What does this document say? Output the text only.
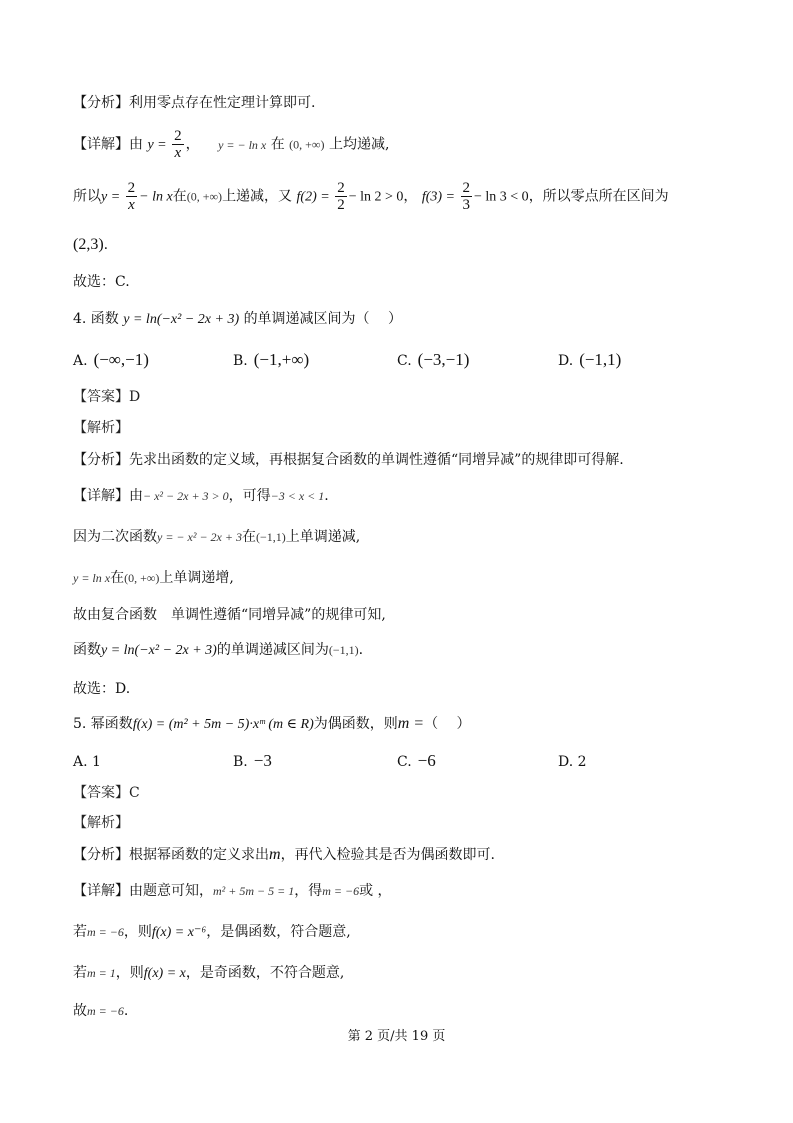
【分析】利用零点存在性定理计算即可.
【详解】由 $y = \frac{2}{x}$ ， y = − ln x 在 (0, +∞) 上均递减,
所以$y = \frac{2}{x} - \ln x$在(0, +∞)上递减，又 $f(2) = \frac{2}{2} - \ln 2 > 0$， $f(3) = \frac{2}{3} - \ln 3 < 0$，所以零点所在区间为
(2,3).
故选：C.
4. 函数 y = ln(−x² − 2x + 3) 的单调递减区间为（　 ）
A. (−∞,−1)	B. (−1,+∞)	C. (−3,−1)	D. (−1,1)
【答案】D
【解析】
【分析】先求出函数的定义域，再根据复合函数的单调性遵循“同增异减”的规律即可得解.
【详解】由− x² − 2x + 3 > 0，可得−3 < x < 1.
因为二次函数y = − x² − 2x + 3在(−1,1)上单调递减,
y = ln x在(0, +∞)上单调递增,
故由复合函数　单调性遵循“同增异减”的规律可知,
函数y = ln(−x² − 2x + 3)的单调递减区间为(−1,1).
故选：D.
5. 幂函数f(x) = (m² + 5m − 5)·xᵐ (m ∈ R)为偶函数，则m =（　 ）
A. 1	B. −3	C. −6	D. 2
【答案】C
【解析】
【分析】根据幂函数的定义求出m，再代入检验其是否为偶函数即可.
【详解】由题意可知，m² + 5m − 5 = 1，得m = −6或 ，
若m = −6，则f(x) = x⁻⁶，是偶函数，符合题意,
若m = 1，则f(x) = x，是奇函数，不符合题意,
故m = −6.
第 2 页/共 19 页
